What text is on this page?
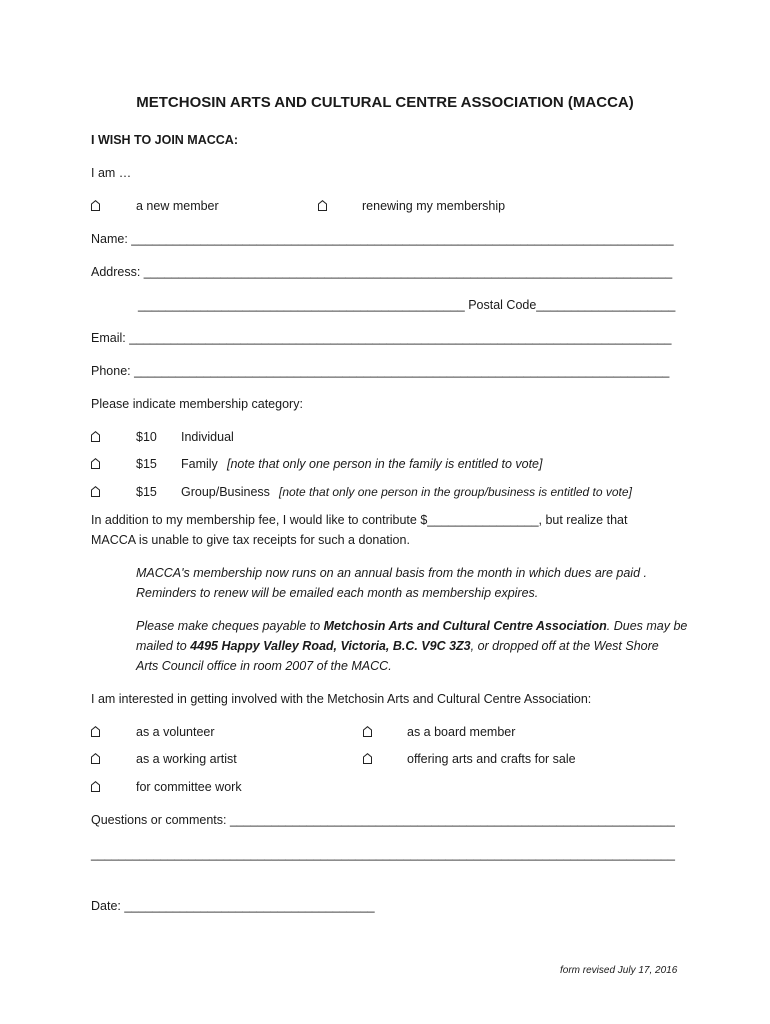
METCHOSIN ARTS AND CULTURAL CENTRE ASSOCIATION (MACCA)
I WISH TO JOIN MACCA:
I am …
a new member	renewing my membership
Name: ______________________________________________________________________________
Address: ____________________________________________________________________________
_______________________________________________ Postal Code____________________
Email: ______________________________________________________________________________
Phone: _____________________________________________________________________________
Please indicate membership category:
$10 Individual
$15 Family [note that only one person in the family is entitled to vote]
$15 Group/Business [note that only one person in the group/business is entitled to vote]
In addition to my membership fee, I would like to contribute $________________, but realize that
MACCA is unable to give tax receipts for such a donation.
MACCA's membership now runs on an annual basis from the month in which dues are paid .
Reminders to renew will be emailed each month as membership expires.
Please make cheques payable to Metchosin Arts and Cultural Centre Association. Dues may be
mailed to 4495 Happy Valley Road, Victoria, B.C. V9C 3Z3, or dropped off at the West Shore
Arts Council office in room 2007 of the MACC.
I am interested in getting involved with the Metchosin Arts and Cultural Centre Association:
as a volunteer	as a board member
as a working artist	offering arts and crafts for sale
for committee work
Questions or comments: ________________________________________________________________
____________________________________________________________________________________
Date: ____________________________________
form revised July 17, 2016
